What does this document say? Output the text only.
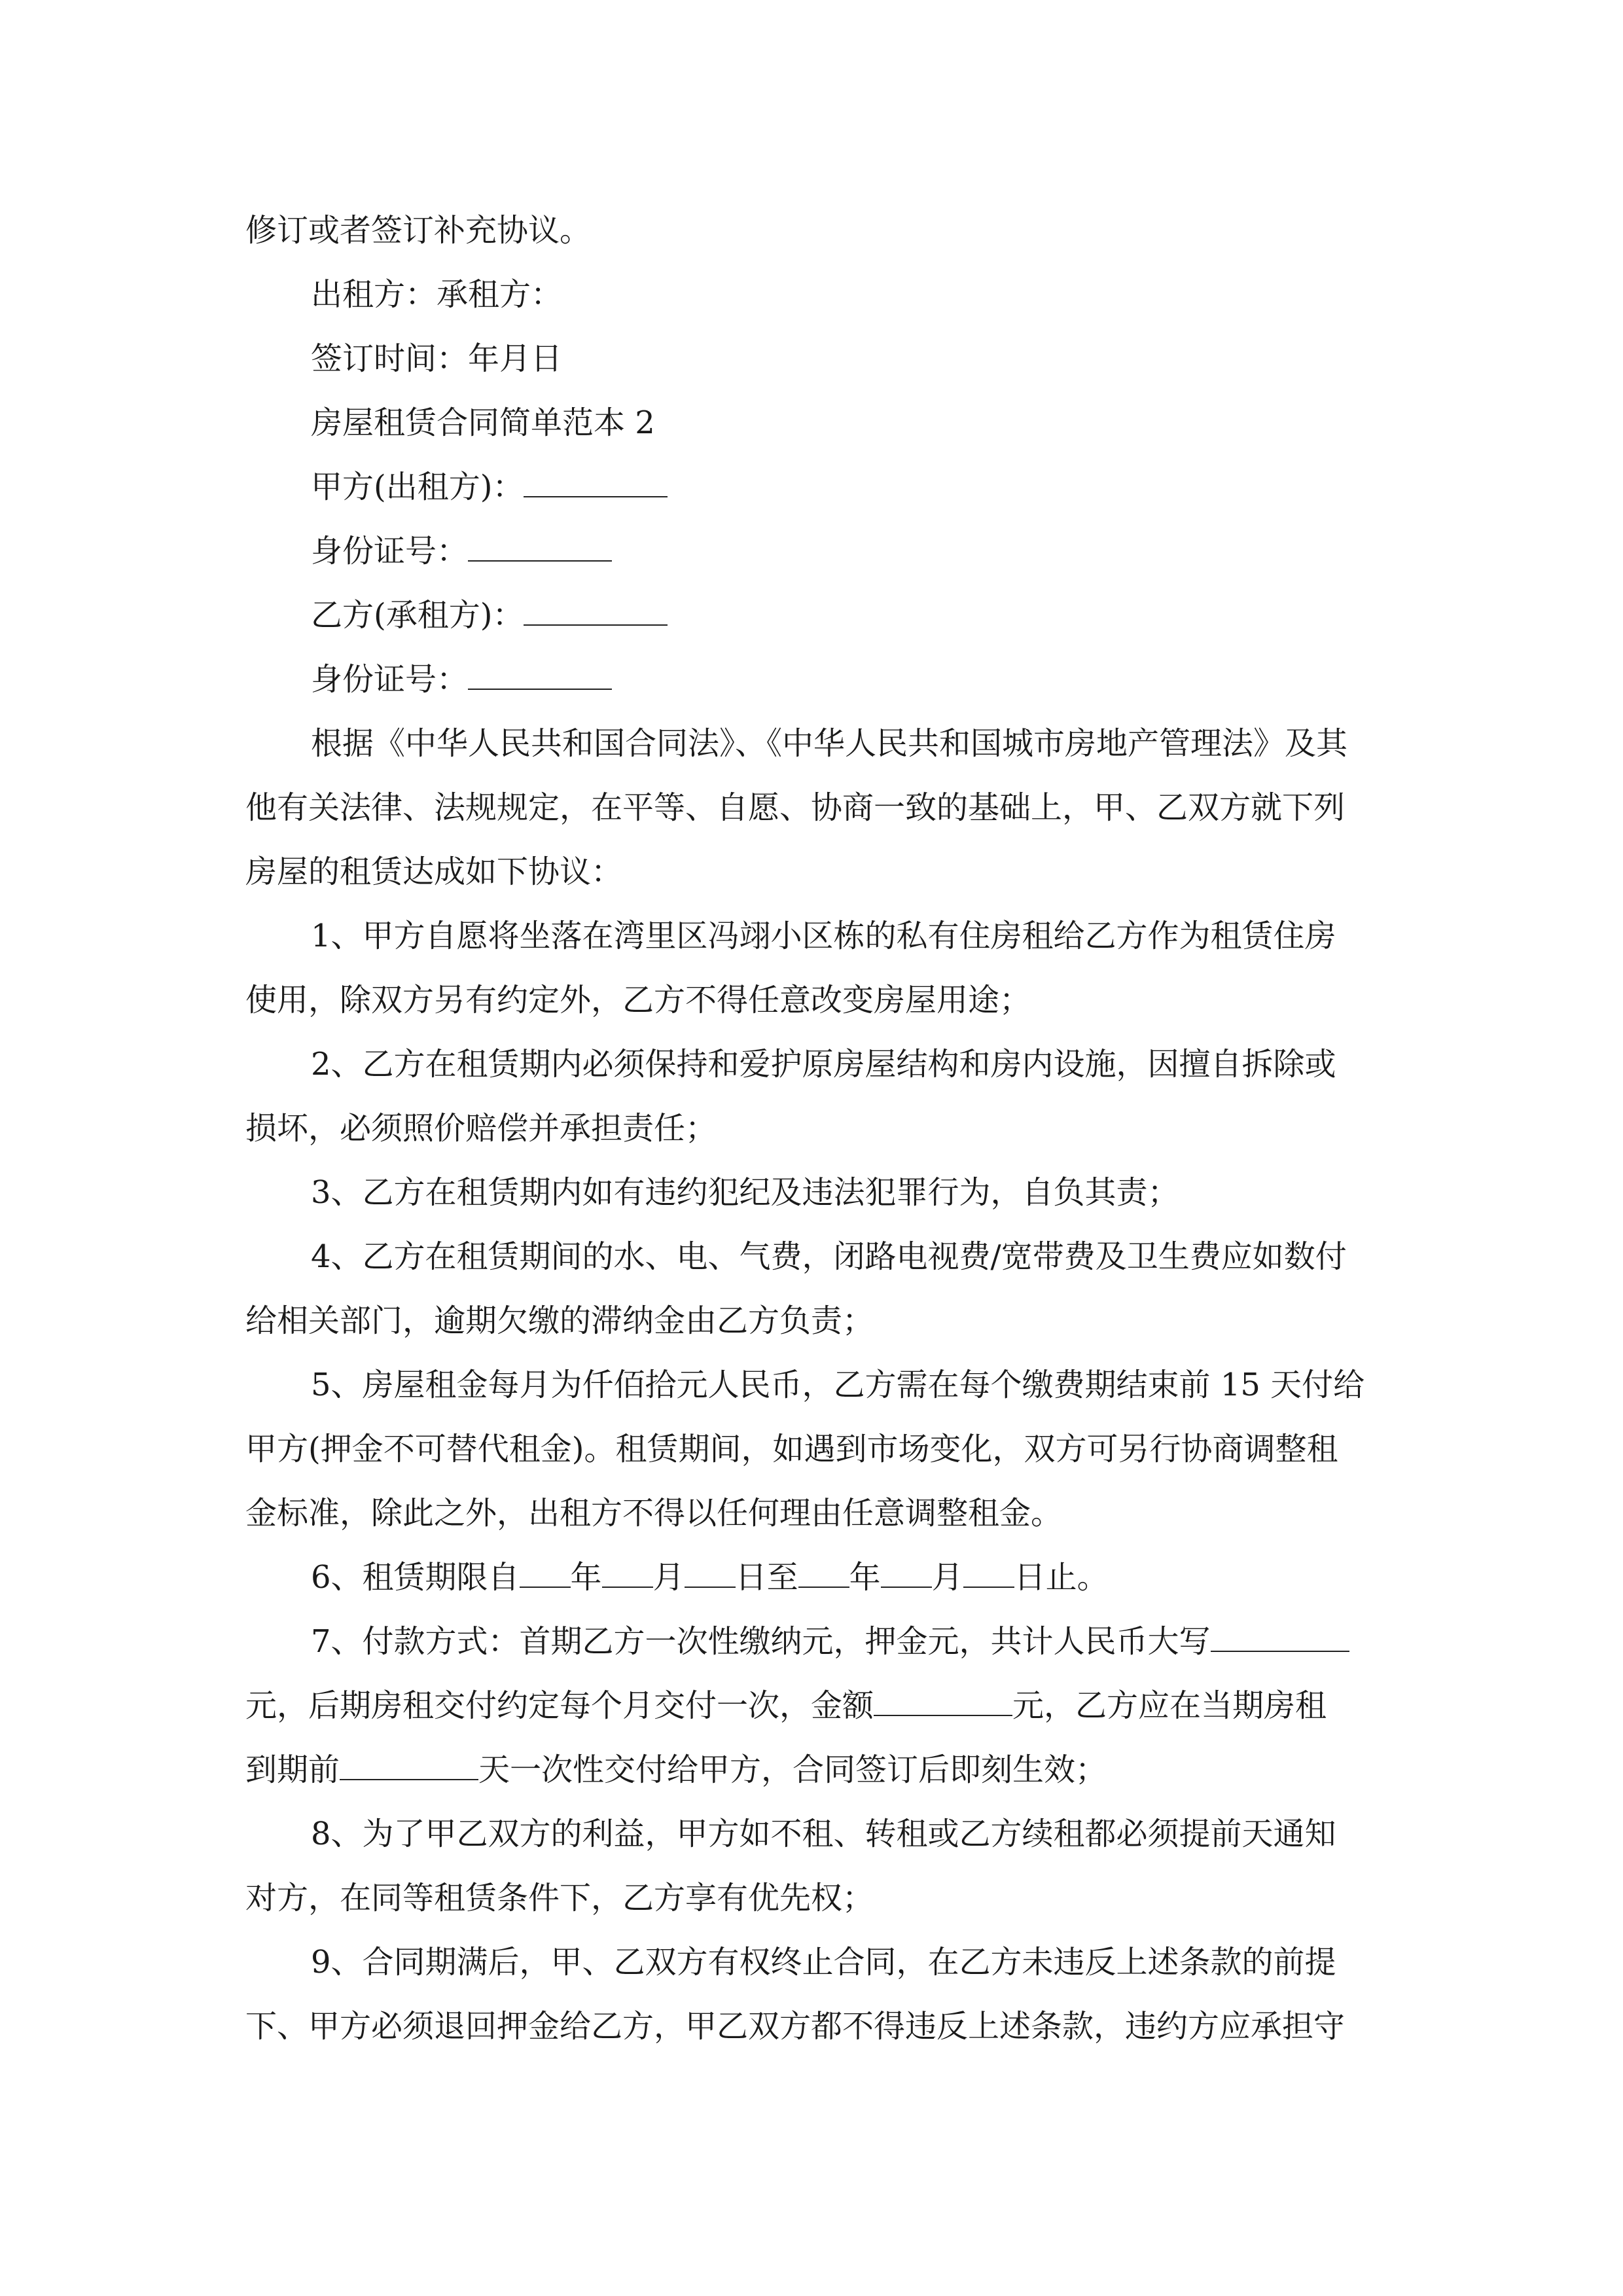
修订或者签订补充协议。
出租方：承租方：
签订时间：年月日
房屋租赁合同简单范本 2
甲方(出租方)：
身份证号：
乙方(承租方)：
身份证号：
根据《中华人民共和国合同法》、《中华人民共和国城市房地产管理法》及其
他有关法律、法规规定，在平等、自愿、协商一致的基础上，甲、乙双方就下列
房屋的租赁达成如下协议：
1、甲方自愿将坐落在湾里区冯翊小区栋的私有住房租给乙方作为租赁住房
使用，除双方另有约定外，乙方不得任意改变房屋用途；
2、乙方在租赁期内必须保持和爱护原房屋结构和房内设施，因擅自拆除或
损坏，必须照价赔偿并承担责任；
3、乙方在租赁期内如有违约犯纪及违法犯罪行为，自负其责；
4、乙方在租赁期间的水、电、气费，闭路电视费/宽带费及卫生费应如数付
给相关部门，逾期欠缴的滞纳金由乙方负责；
5、房屋租金每月为仟佰拾元人民币，乙方需在每个缴费期结束前 15 天付给
甲方(押金不可替代租金)。租赁期间，如遇到市场变化，双方可另行协商调整租
金标准，除此之外，出租方不得以任何理由任意调整租金。
6、租赁期限自 年 月 日至 年 月 日止。
7、付款方式：首期乙方一次性缴纳元，押金元，共计人民币大写
元，后期房租交付约定每个月交付一次，金额	元，乙方应在当期房租
到期前	天一次性交付给甲方，合同签订后即刻生效；
8、为了甲乙双方的利益，甲方如不租、转租或乙方续租都必须提前天通知
对方，在同等租赁条件下，乙方享有优先权；
9、合同期满后，甲、乙双方有权终止合同，在乙方未违反上述条款的前提
下、甲方必须退回押金给乙方，甲乙双方都不得违反上述条款，违约方应承担守
